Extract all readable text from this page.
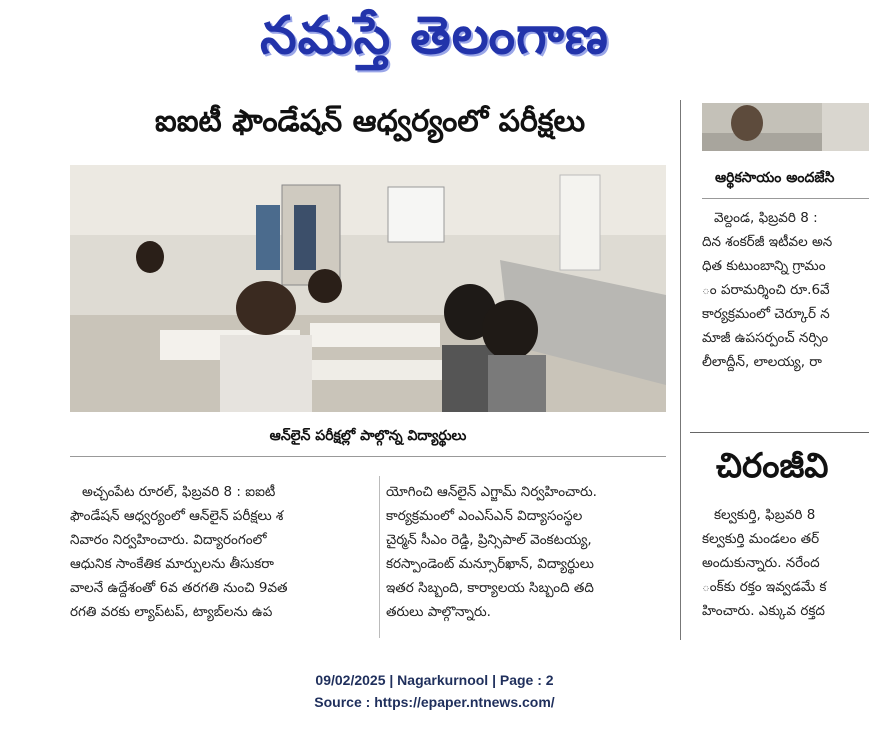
నమస్తే తెలంగాణ
ఐఐటీ ఫౌండేషన్ ఆధ్వర్యంలో పరీక్షలు
ఆన్‌లైన్ పరీక్షల్లో పాల్గొన్న విద్యార్థులు
అచ్చంపేట రూరల్, ఫిబ్రవరి 8 : ఐఐటీ
ఫౌండేషన్ ఆధ్వర్యంలో ఆన్‌లైన్ పరీక్షలు శ
నివారం నిర్వహించారు. విద్యారంగంలో
ఆధునిక సాంకేతిక మార్పులను తీసుకరా
వాలనే ఉద్దేశంతో 6వ తరగతి నుంచి 9వత
రగతి వరకు ల్యాప్‌టప్, ట్యాబ్‌లను ఉప
యోగించి ఆన్‌లైన్ ఎగ్జామ్ నిర్వహించారు.
కార్యక్రమంలో ఎంఎస్ఎన్ విద్యాసంస్థల
చైర్మన్ సీఎం రెడ్డి, ప్రిన్సిపాల్ వెంకటయ్య,
కరస్పాండెంట్ మన్సూర్‌ఖాన్, విద్యార్థులు
ఇతర సిబ్బంది, కార్యాలయ సిబ్బంది తది
తరులు పాల్గొన్నారు.
ఆర్థికసాయం అందజేసి
వెల్దండ, ఫిబ్రవరి 8 :
దిన శంకర్‌జీ ఇటీవల అన
ధిత కుటుంబాన్ని గ్రామం
ం పరామర్శించి రూ.6వే
కార్యక్రమంలో చెర్కూర్ న
మాజీ ఉపసర్పంచ్ నర్సిం
లీలాద్దీన్, లాలయ్య, రా
చిరంజీవి
కల్వకుర్తి, ఫిబ్రవరి 8
కల్వకుర్తి మండలం తర్
అందుకున్నారు. నరేంద
ంక్‌కు రక్తం ఇవ్వడమే క
హించారు. ఎక్కువ రక్తద
09/02/2025 | Nagarkurnool | Page : 2
Source : https://epaper.ntnews.com/
